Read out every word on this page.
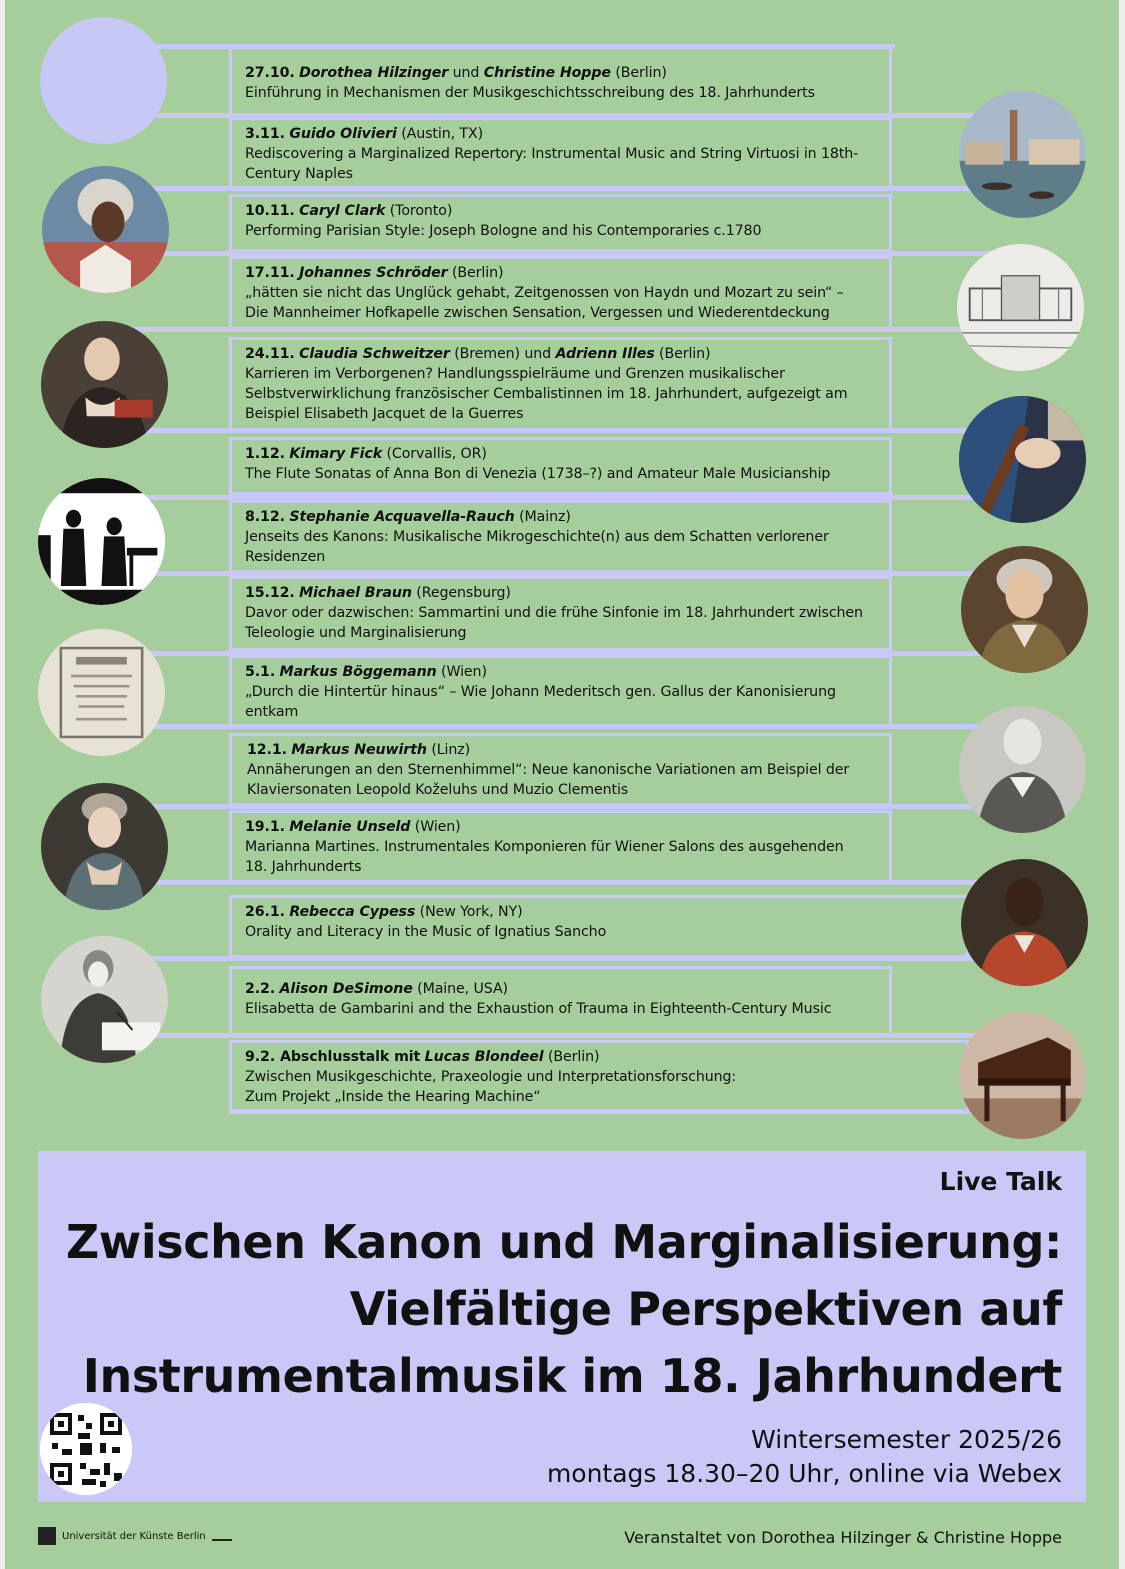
27.10. Dorothea Hilzinger und Christine Hoppe (Berlin)
Einführung in Mechanismen der Musikgeschichtsschreibung des 18. Jahrhunderts
3.11. Guido Olivieri (Austin, TX)
Rediscovering a Marginalized Repertory: Instrumental Music and String Virtuosi in 18th-Century Naples
10.11. Caryl Clark (Toronto)
Performing Parisian Style: Joseph Bologne and his Contemporaries c.1780
17.11. Johannes Schröder (Berlin)
„hätten sie nicht das Unglück gehabt, Zeitgenossen von Haydn und Mozart zu sein“ – Die Mannheimer Hofkapelle zwischen Sensation, Vergessen und Wiederentdeckung
24.11. Claudia Schweitzer (Bremen) und Adrienn Illes (Berlin)
Karrieren im Verborgenen? Handlungsspielräume und Grenzen musikalischer Selbstverwirklichung französischer Cembalistinnen im 18. Jahrhundert, aufgezeigt am Beispiel Elisabeth Jacquet de la Guerres
1.12. Kimary Fick (Corvallis, OR)
The Flute Sonatas of Anna Bon di Venezia (1738–?) and Amateur Male Musicianship
8.12. Stephanie Acquavella-Rauch (Mainz)
Jenseits des Kanons: Musikalische Mikrogeschichte(n) aus dem Schatten verlorener Residenzen
15.12. Michael Braun (Regensburg)
Davor oder dazwischen: Sammartini und die frühe Sinfonie im 18. Jahrhundert zwischen Teleologie und Marginalisierung
5.1. Markus Böggemann (Wien)
„Durch die Hintertür hinaus“ – Wie Johann Mederitsch gen. Gallus der Kanonisierung entkam
12.1. Markus Neuwirth (Linz)
Annäherungen an den Sternenhimmel“: Neue kanonische Variationen am Beispiel der Klaviersonaten Leopold Koželuhs und Muzio Clementis
19.1. Melanie Unseld (Wien)
Marianna Martines. Instrumentales Komponieren für Wiener Salons des ausgehenden 18. Jahrhunderts
26.1. Rebecca Cypess (New York, NY)
Orality and Literacy in the Music of Ignatius Sancho
2.2. Alison DeSimone (Maine, USA)
Elisabetta de Gambarini and the Exhaustion of Trauma in Eighteenth-Century Music
9.2. Abschlusstalk mit Lucas Blondeel (Berlin)
Zwischen Musikgeschichte, Praxeologie und Interpretationsforschung: Zum Projekt „Inside the Hearing Machine“
Live Talk
Zwischen Kanon und Marginalisierung:
Vielfältige Perspektiven auf
Instrumentalmusik im 18. Jahrhundert
Wintersemester 2025/26
montags 18.30–20 Uhr, online via Webex
Universität der Künste Berlin	Veranstaltet von Dorothea Hilzinger & Christine Hoppe
